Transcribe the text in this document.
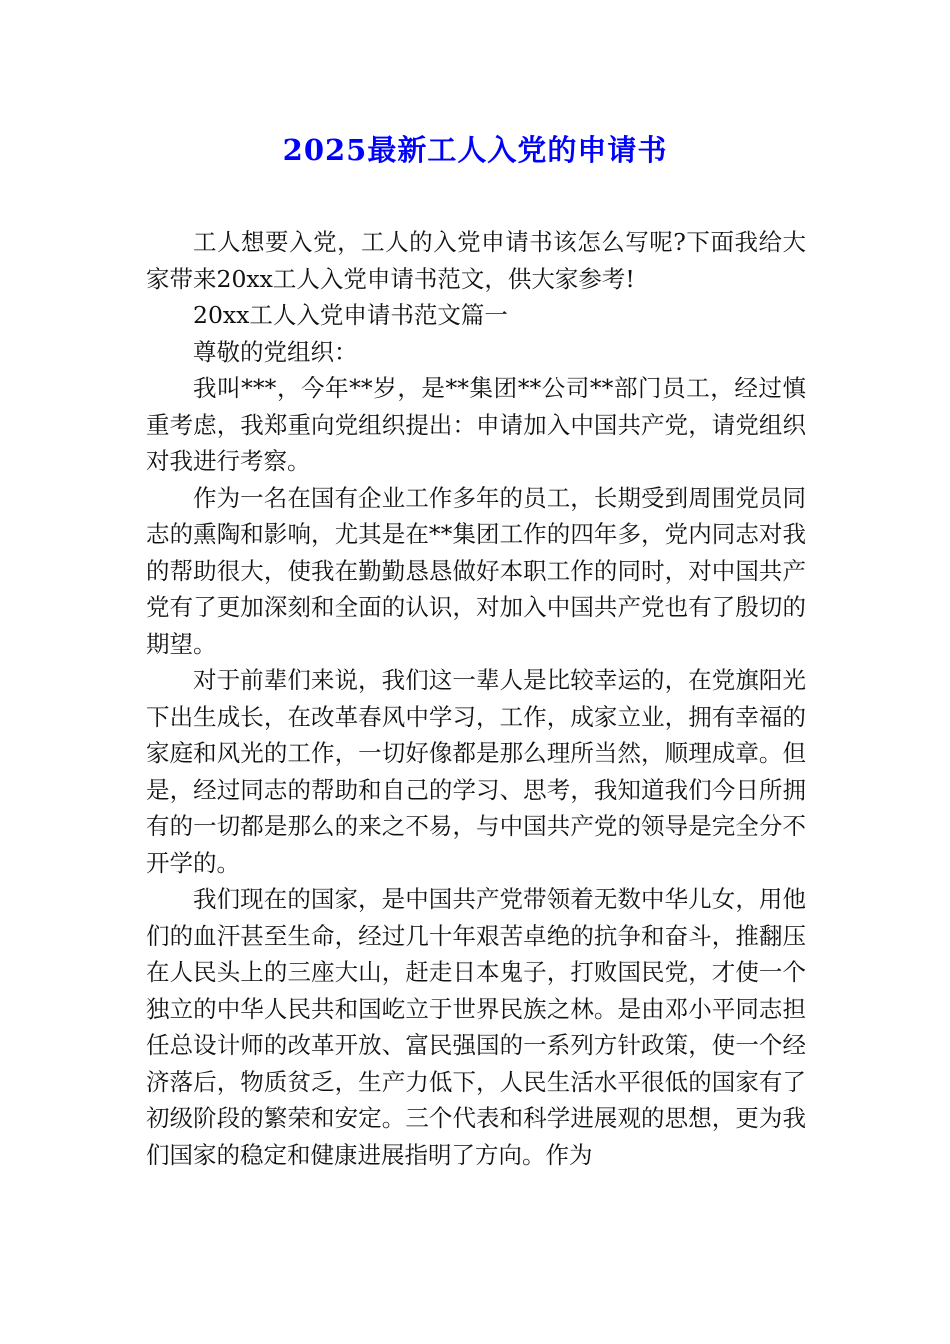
2025最新工人入党的申请书

工人想要入党，工人的入党申请书该怎么写呢?下面我给大家带来20xx工人入党申请书范文，供大家参考!

20xx工人入党申请书范文篇一

尊敬的党组织：

我叫***，今年**岁，是**集团**公司**部门员工，经过慎重考虑，我郑重向党组织提出：申请加入中国共产党，请党组织对我进行考察。

作为一名在国有企业工作多年的员工，长期受到周围党员同志的熏陶和影响，尤其是在**集团工作的四年多，党内同志对我的帮助很大，使我在勤勤恳恳做好本职工作的同时，对中国共产党有了更加深刻和全面的认识，对加入中国共产党也有了殷切的期望。

对于前辈们来说，我们这一辈人是比较幸运的，在党旗阳光下出生成长，在改革春风中学习，工作，成家立业，拥有幸福的家庭和风光的工作，一切好像都是那么理所当然，顺理成章。但是，经过同志的帮助和自己的学习、思考，我知道我们今日所拥有的一切都是那么的来之不易，与中国共产党的领导是完全分不开学的。

我们现在的国家，是中国共产党带领着无数中华儿女，用他们的血汗甚至生命，经过几十年艰苦卓绝的抗争和奋斗，推翻压在人民头上的三座大山，赶走日本鬼子，打败国民党，才使一个独立的中华人民共和国屹立于世界民族之林。是由邓小平同志担任总设计师的改革开放、富民强国的一系列方针政策，使一个经济落后，物质贫乏，生产力低下，人民生活水平很低的国家有了初级阶段的繁荣和安定。三个代表和科学进展观的思想，更为我们国家的稳定和健康进展指明了方向。作为
